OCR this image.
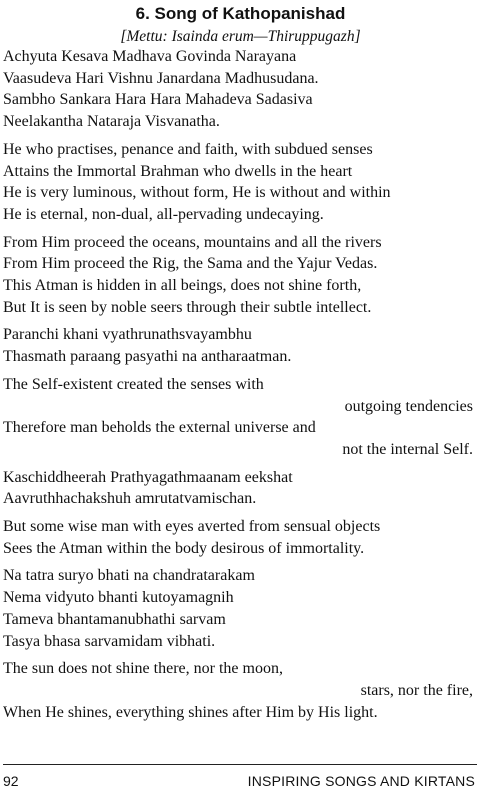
6. Song of Kathopanishad
[Mettu: Isainda erum—Thiruppugazh]
Achyuta Kesava Madhava Govinda Narayana
Vaasudeva Hari Vishnu Janardana Madhusudana.
Sambho Sankara Hara Hara Mahadeva Sadasiva
Neelakantha Nataraja Visvanatha.
He who practises, penance and faith, with subdued senses
Attains the Immortal Brahman who dwells in the heart
He is very luminous, without form, He is without and within
He is eternal, non-dual, all-pervading undecaying.
From Him proceed the oceans, mountains and all the rivers
From Him proceed the Rig, the Sama and the Yajur Vedas.
This Atman is hidden in all beings, does not shine forth,
But It is seen by noble seers through their subtle intellect.
Paranchi khani vyathrunathsvayambhu
Thasmath paraang pasyathi na antharaatman.
The Self-existent created the senses with
outgoing tendencies
Therefore man beholds the external universe and
not the internal Self.
Kaschiddheerah Prathyagathmaanam eekshat
Aavruthhachakshuh amrutatvamischan.
But some wise man with eyes averted from sensual objects
Sees the Atman within the body desirous of immortality.
Na tatra suryo bhati na chandratarakam
Nema vidyuto bhanti kutoyamagnih
Tameva bhantamanubhathi sarvam
Tasya bhasa sarvamidam vibhati.
The sun does not shine there, nor the moon,
stars, nor the fire,
When He shines, everything shines after Him by His light.
92	INSPIRING SONGS AND KIRTANS
